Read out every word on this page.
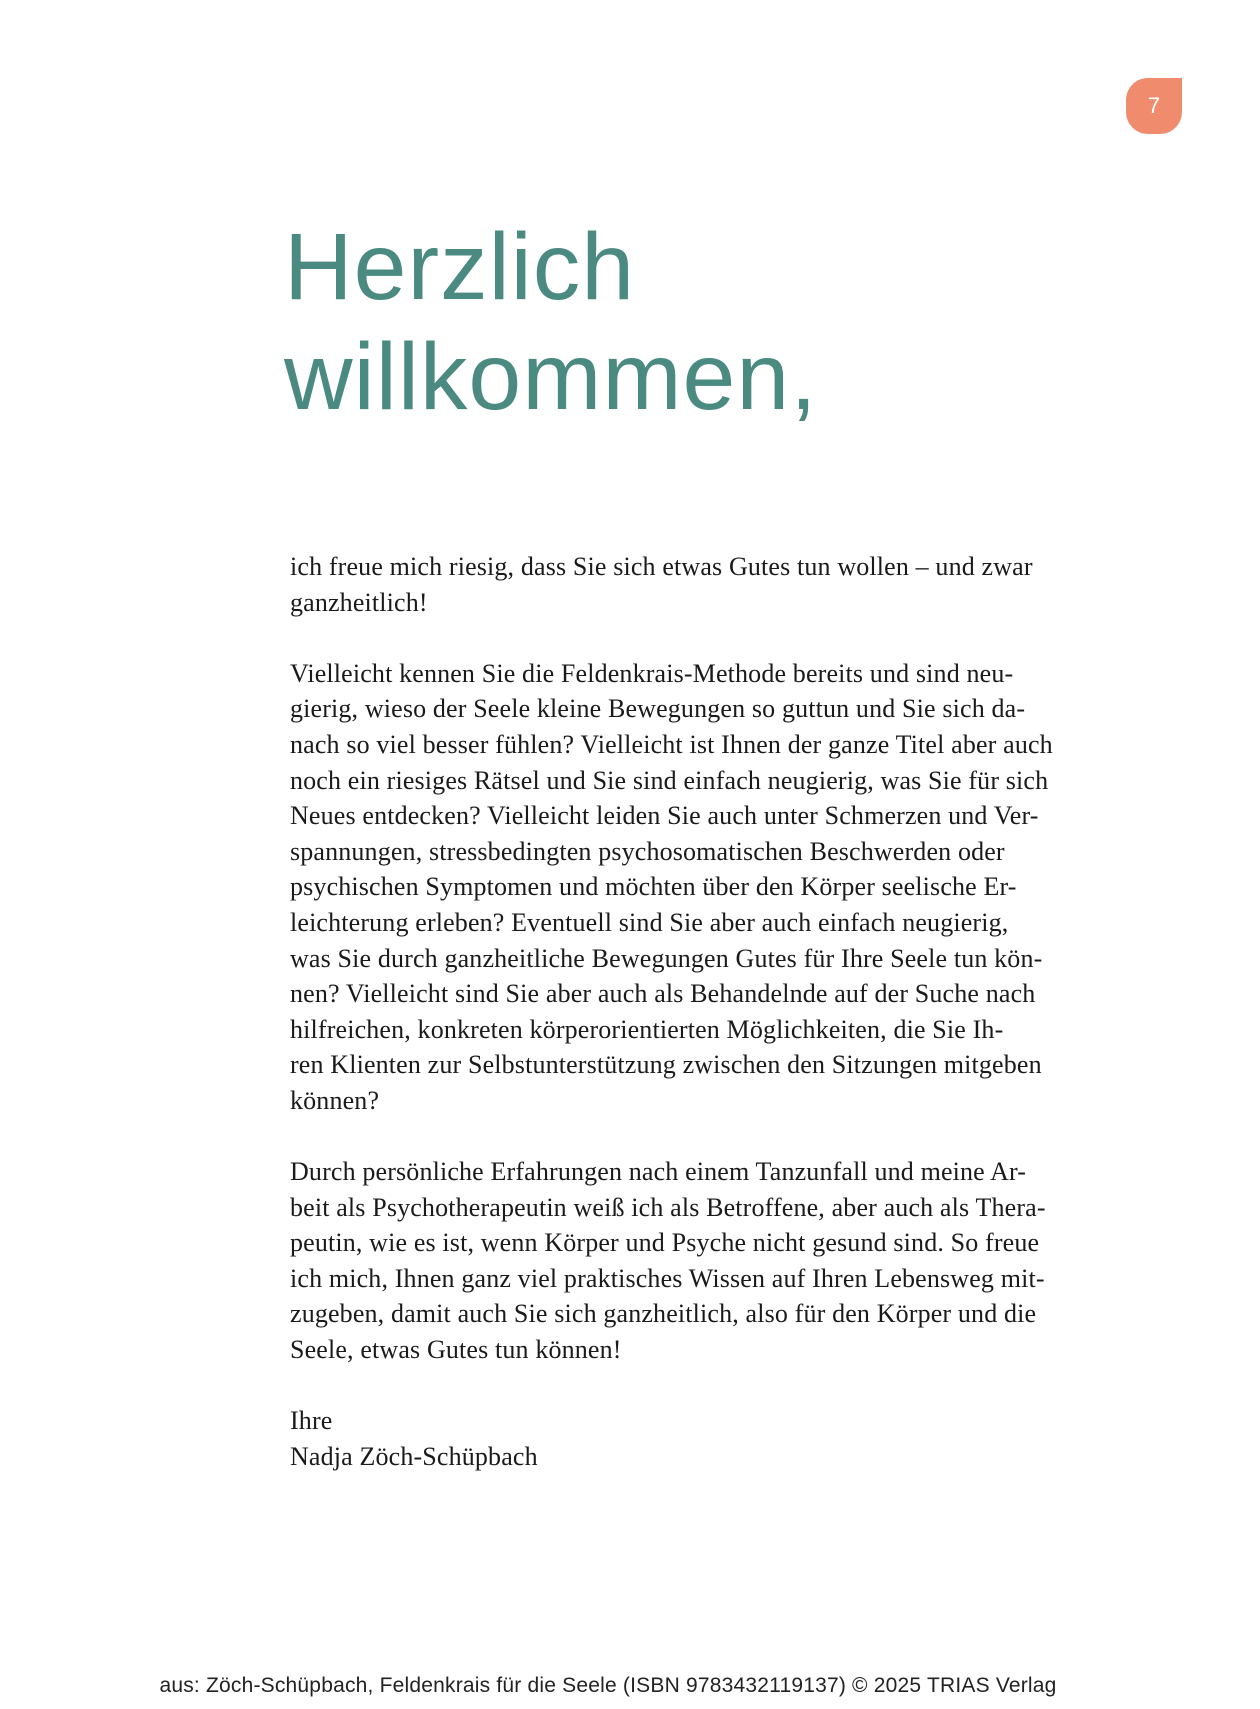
7
Herzlich
willkommen,
ich freue mich riesig, dass Sie sich etwas Gutes tun wollen – und zwar
ganzheitlich!
Vielleicht kennen Sie die Feldenkrais-Methode bereits und sind neu-
gierig, wieso der Seele kleine Bewegungen so guttun und Sie sich da-
nach so viel besser fühlen? Vielleicht ist Ihnen der ganze Titel aber auch
noch ein riesiges Rätsel und Sie sind einfach neugierig, was Sie für sich
Neues entdecken? Vielleicht leiden Sie auch unter Schmerzen und Ver-
spannungen, stressbedingten psychosomatischen Beschwerden oder
psychischen Symptomen und möchten über den Körper seelische Er-
leichterung erleben? Eventuell sind Sie aber auch einfach neugierig,
was Sie durch ganzheitliche Bewegungen Gutes für Ihre Seele tun kön-
nen? Vielleicht sind Sie aber auch als Behandelnde auf der Suche nach
hilfreichen, konkreten körperorientierten Möglichkeiten, die Sie Ih-
ren Klienten zur Selbstunterstützung zwischen den Sitzungen mitgeben
können?
Durch persönliche Erfahrungen nach einem Tanzunfall und meine Ar-
beit als Psychotherapeutin weiß ich als Betroffene, aber auch als Thera-
peutin, wie es ist, wenn Körper und Psyche nicht gesund sind. So freue
ich mich, Ihnen ganz viel praktisches Wissen auf Ihren Lebensweg mit-
zugeben, damit auch Sie sich ganzheitlich, also für den Körper und die
Seele, etwas Gutes tun können!
Ihre
Nadja Zöch-Schüpbach
aus: Zöch-Schüpbach, Feldenkrais für die Seele (ISBN 9783432119137) © 2025 TRIAS Verlag
